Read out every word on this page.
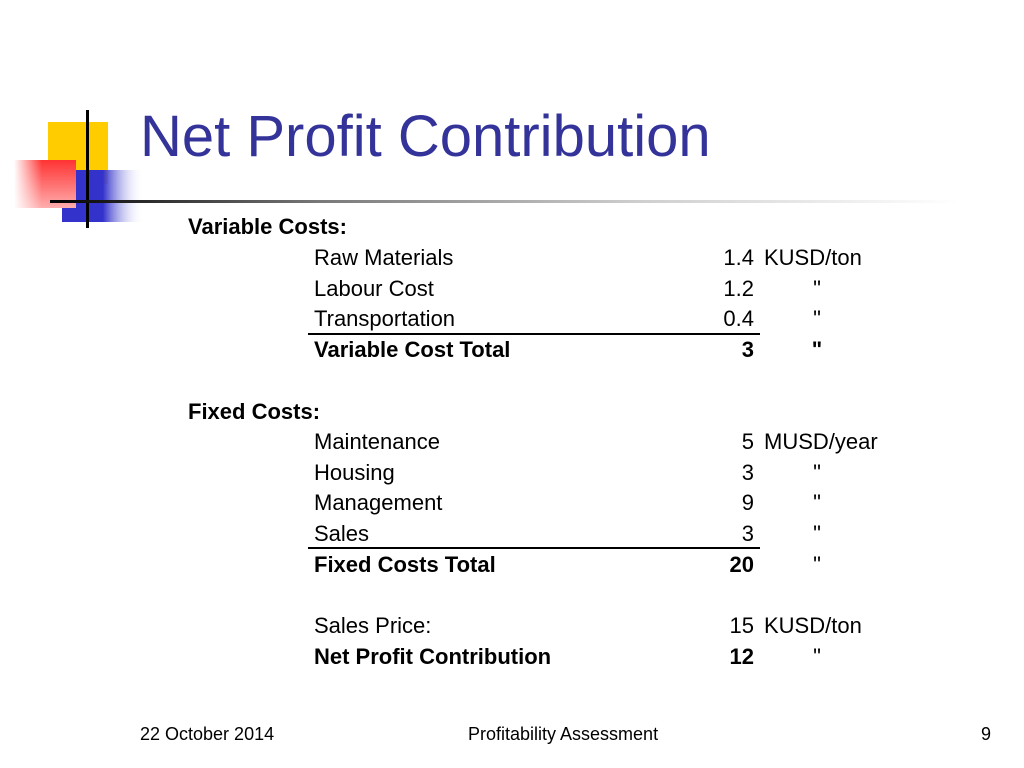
Net Profit Contribution
Variable Costs:
Raw Materials	1.4 KUSD/ton
Labour Cost	1.2	"
Transportation	0.4	"
Variable Cost Total	3	"
Fixed Costs:
Maintenance	5 MUSD/year
Housing	3	"
Management	9	"
Sales	3	"
Fixed Costs Total	20	"
Sales Price:	15 KUSD/ton
Net Profit Contribution	12	"
22 October 2014	Profitability Assessment	9
